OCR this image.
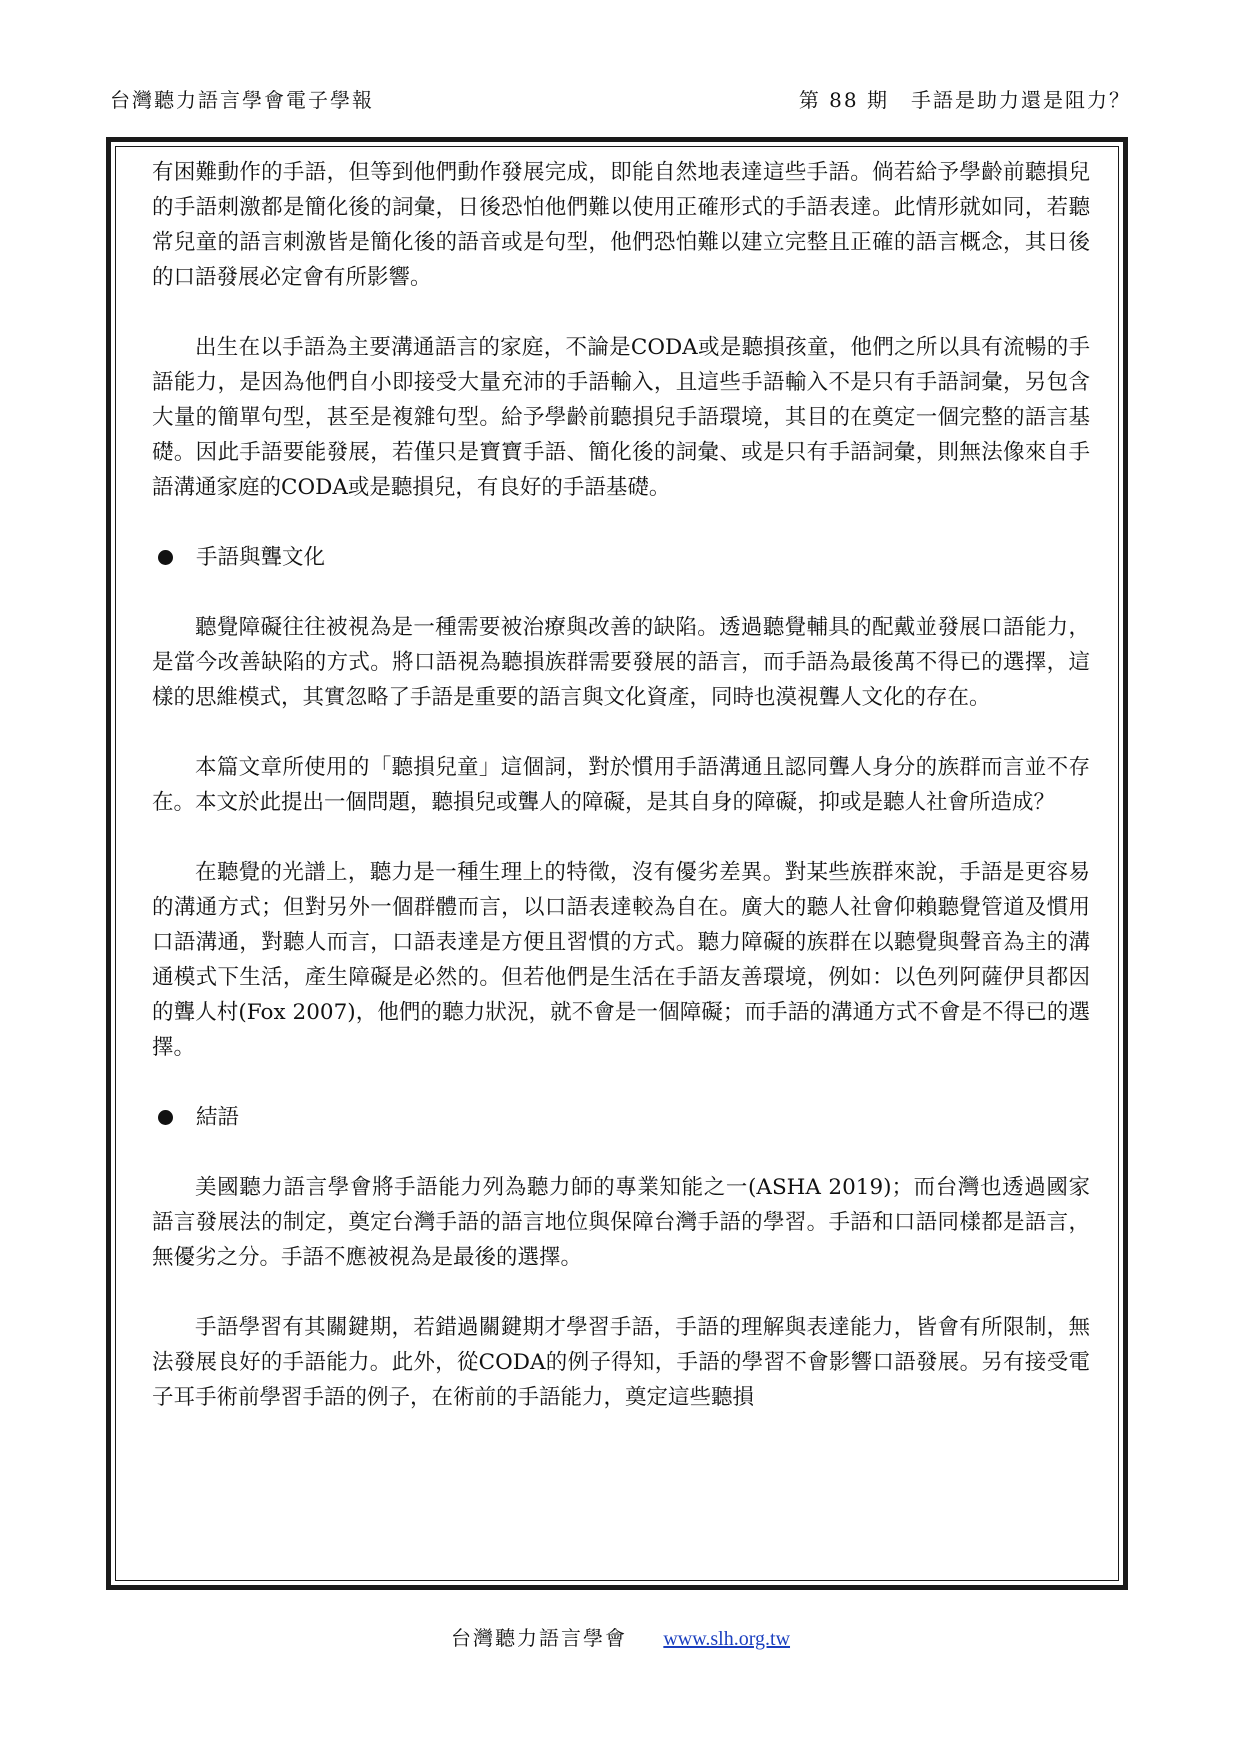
台灣聽力語言學會電子學報	第 88 期　手語是助力還是阻力？

有困難動作的手語，但等到他們動作發展完成，即能自然地表達這些手語。倘若給予學齡前聽損兒的手語刺激都是簡化後的詞彙，日後恐怕他們難以使用正確形式的手語表達。此情形就如同，若聽常兒童的語言刺激皆是簡化後的語音或是句型，他們恐怕難以建立完整且正確的語言概念，其日後的口語發展必定會有所影響。

出生在以手語為主要溝通語言的家庭，不論是CODA或是聽損孩童，他們之所以具有流暢的手語能力，是因為他們自小即接受大量充沛的手語輸入，且這些手語輸入不是只有手語詞彙，另包含大量的簡單句型，甚至是複雜句型。給予學齡前聽損兒手語環境，其目的在奠定一個完整的語言基礎。因此手語要能發展，若僅只是寶寶手語、簡化後的詞彙、或是只有手語詞彙，則無法像來自手語溝通家庭的CODA或是聽損兒，有良好的手語基礎。

手語與聾文化

聽覺障礙往往被視為是一種需要被治療與改善的缺陷。透過聽覺輔具的配戴並發展口語能力，是當今改善缺陷的方式。將口語視為聽損族群需要發展的語言，而手語為最後萬不得已的選擇，這樣的思維模式，其實忽略了手語是重要的語言與文化資產，同時也漠視聾人文化的存在。

本篇文章所使用的「聽損兒童」這個詞，對於慣用手語溝通且認同聾人身分的族群而言並不存在。本文於此提出一個問題，聽損兒或聾人的障礙，是其自身的障礙，抑或是聽人社會所造成？

在聽覺的光譜上，聽力是一種生理上的特徵，沒有優劣差異。對某些族群來說，手語是更容易的溝通方式；但對另外一個群體而言，以口語表達較為自在。廣大的聽人社會仰賴聽覺管道及慣用口語溝通，對聽人而言，口語表達是方便且習慣的方式。聽力障礙的族群在以聽覺與聲音為主的溝通模式下生活，產生障礙是必然的。但若他們是生活在手語友善環境，例如：以色列阿薩伊貝都因的聾人村(Fox 2007)，他們的聽力狀況，就不會是一個障礙；而手語的溝通方式不會是不得已的選擇。

結語

美國聽力語言學會將手語能力列為聽力師的專業知能之一(ASHA 2019)；而台灣也透過國家語言發展法的制定，奠定台灣手語的語言地位與保障台灣手語的學習。手語和口語同樣都是語言，無優劣之分。手語不應被視為是最後的選擇。

手語學習有其關鍵期，若錯過關鍵期才學習手語，手語的理解與表達能力，皆會有所限制，無法發展良好的手語能力。此外，從CODA的例子得知，手語的學習不會影響口語發展。另有接受電子耳手術前學習手語的例子，在術前的手語能力，奠定這些聽損

台灣聽力語言學會 www.slh.org.tw
